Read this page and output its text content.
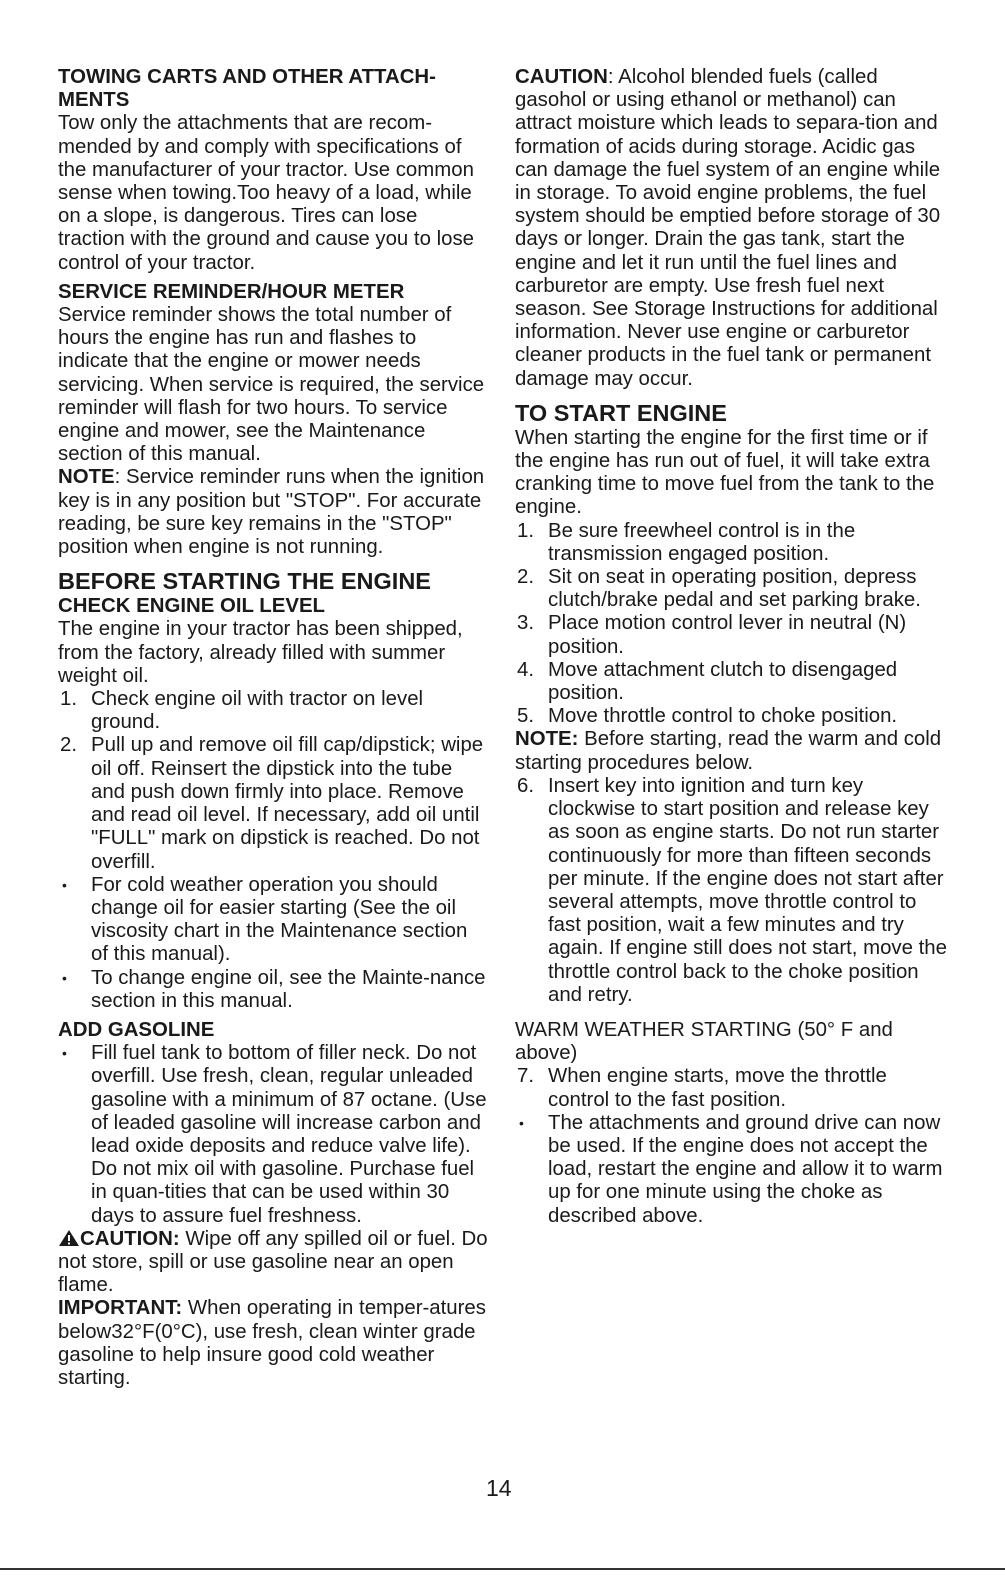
TOWING CARTS AND OTHER ATTACH-MENTS

Tow only the attachments that are recom-mended by and comply with specifications of the manufacturer of your tractor. Use common sense when towing.Too heavy of a load, while on a slope, is dangerous. Tires can lose traction with the ground and cause you to lose control of your tractor.

SERVICE REMINDER/HOUR METER

Service reminder shows the total number of hours the engine has run and flashes to indicate that the engine or mower needs servicing. When service is required, the service reminder will flash for two hours. To service engine and mower, see the Maintenance section of this manual.

NOTE: Service reminder runs when the ignition key is in any position but "STOP". For accurate reading, be sure key remains in the "STOP" position when engine is not running.

BEFORE STARTING THE ENGINE
CHECK ENGINE OIL LEVEL

The engine in your tractor has been shipped, from the factory, already filled with summer weight oil.

1. Check engine oil with tractor on level ground.
2. Pull up and remove oil fill cap/dipstick; wipe oil off. Reinsert the dipstick into the tube and push down firmly into place. Remove and read oil level. If necessary, add oil until "FULL" mark on dipstick is reached. Do not overfill.
• For cold weather operation you should change oil for easier starting (See the oil viscosity chart in the Maintenance section of this manual).
• To change engine oil, see the Mainte-nance section in this manual.
ADD GASOLINE
• Fill fuel tank to bottom of filler neck. Do not overfill. Use fresh, clean, regular unleaded gasoline with a minimum of 87 octane. (Use of leaded gasoline will increase carbon and lead oxide deposits and reduce valve life). Do not mix oil with gasoline. Purchase fuel in quan-tities that can be used within 30 days to assure fuel freshness.

CAUTION: Wipe off any spilled oil or fuel. Do not store, spill or use gasoline near an open flame.

IMPORTANT: When operating in temper-atures below32°F(0°C), use fresh, clean winter grade gasoline to help insure good cold weather starting.

CAUTION: Alcohol blended fuels (called gasohol or using ethanol or methanol) can attract moisture which leads to separa-tion and formation of acids during storage. Acidic gas can damage the fuel system of an engine while in storage. To avoid engine problems, the fuel system should be emptied before storage of 30 days or longer. Drain the gas tank, start the engine and let it run until the fuel lines and carburetor are empty. Use fresh fuel next season. See Storage Instructions for additional information. Never use engine or carburetor cleaner products in the fuel tank or permanent damage may occur.

TO START ENGINE

When starting the engine for the first time or if the engine has run out of fuel, it will take extra cranking time to move fuel from the tank to the engine.

1. Be sure freewheel control is in the transmission engaged position.
2. Sit on seat in operating position, depress clutch/brake pedal and set parking brake.
3. Place motion control lever in neutral (N) position.
4. Move attachment clutch to disengaged position.
5. Move throttle control to choke position.

NOTE: Before starting, read the warm and cold starting procedures below.

6. Insert key into ignition and turn key clockwise to start position and release key as soon as engine starts. Do not run starter continuously for more than fifteen seconds per minute. If the engine does not start after several attempts, move throttle control to fast position, wait a few minutes and try again. If engine still does not start, move the throttle control back to the choke position and retry.

WARM WEATHER STARTING (50° F and above)

7. When engine starts, move the throttle control to the fast position.
• The attachments and ground drive can now be used. If the engine does not accept the load, restart the engine and allow it to warm up for one minute using the choke as described above.
14
